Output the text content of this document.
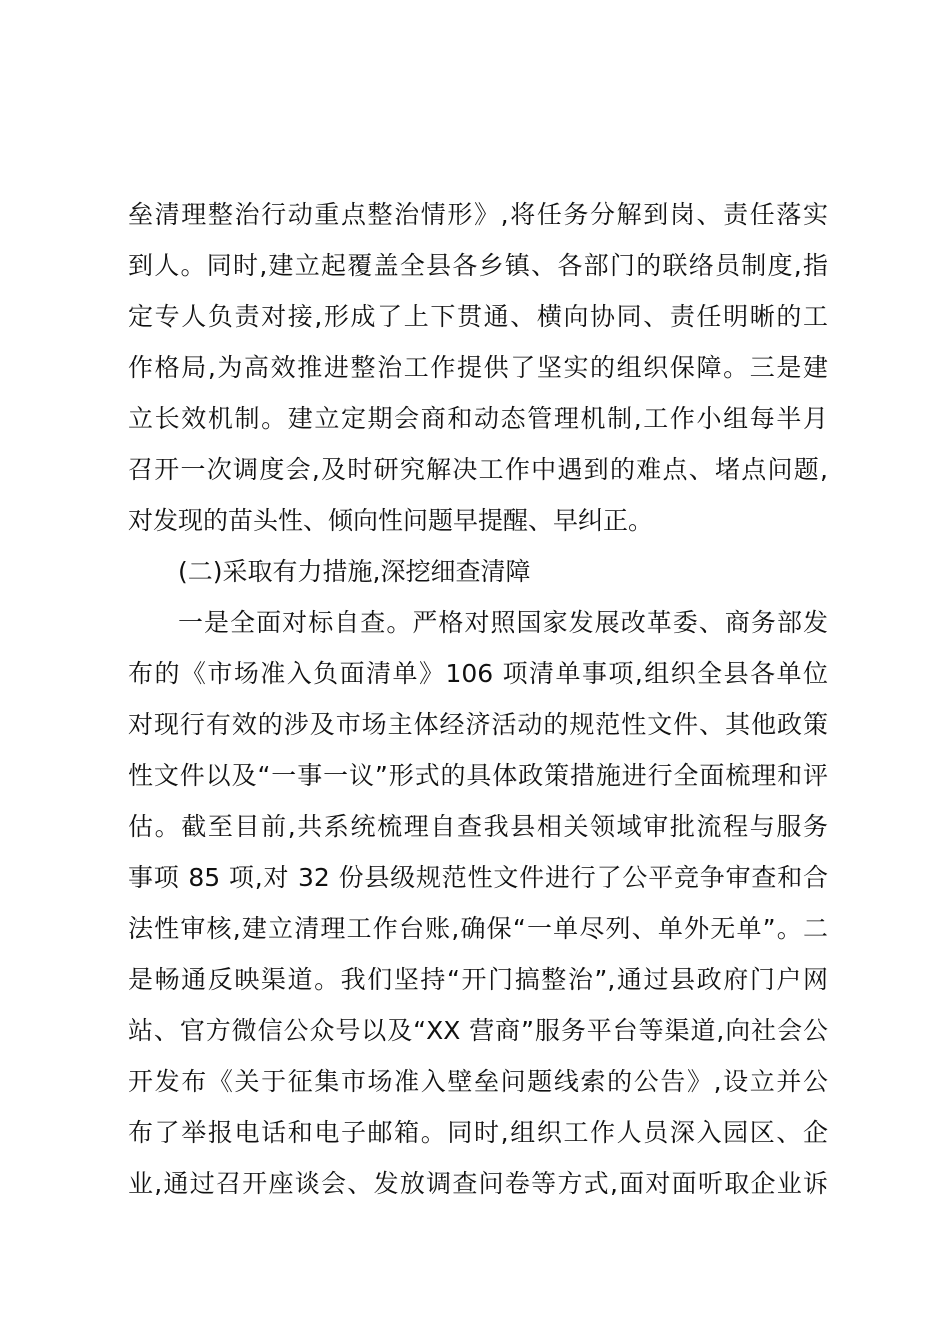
垒清理整治行动重点整治情形》,将任务分解到岗、责任落实
到人。同时,建立起覆盖全县各乡镇、各部门的联络员制度,指
定专人负责对接,形成了上下贯通、横向协同、责任明晰的工
作格局,为高效推进整治工作提供了坚实的组织保障。三是建
立长效机制。建立定期会商和动态管理机制,工作小组每半月
召开一次调度会,及时研究解决工作中遇到的难点、堵点问题,
对发现的苗头性、倾向性问题早提醒、早纠正。
(二)采取有力措施,深挖细查清障
一是全面对标自查。严格对照国家发展改革委、商务部发
布的《市场准入负面清单》106 项清单事项,组织全县各单位
对现行有效的涉及市场主体经济活动的规范性文件、其他政策
性文件以及“一事一议”形式的具体政策措施进行全面梳理和评
估。截至目前,共系统梳理自查我县相关领域审批流程与服务
事项 85 项,对 32 份县级规范性文件进行了公平竞争审查和合
法性审核,建立清理工作台账,确保“一单尽列、单外无单”。二
是畅通反映渠道。我们坚持“开门搞整治”,通过县政府门户网
站、官方微信公众号以及“XX 营商”服务平台等渠道,向社会公
开发布《关于征集市场准入壁垒问题线索的公告》,设立并公
布了举报电话和电子邮箱。同时,组织工作人员深入园区、企
业,通过召开座谈会、发放调查问卷等方式,面对面听取企业诉
